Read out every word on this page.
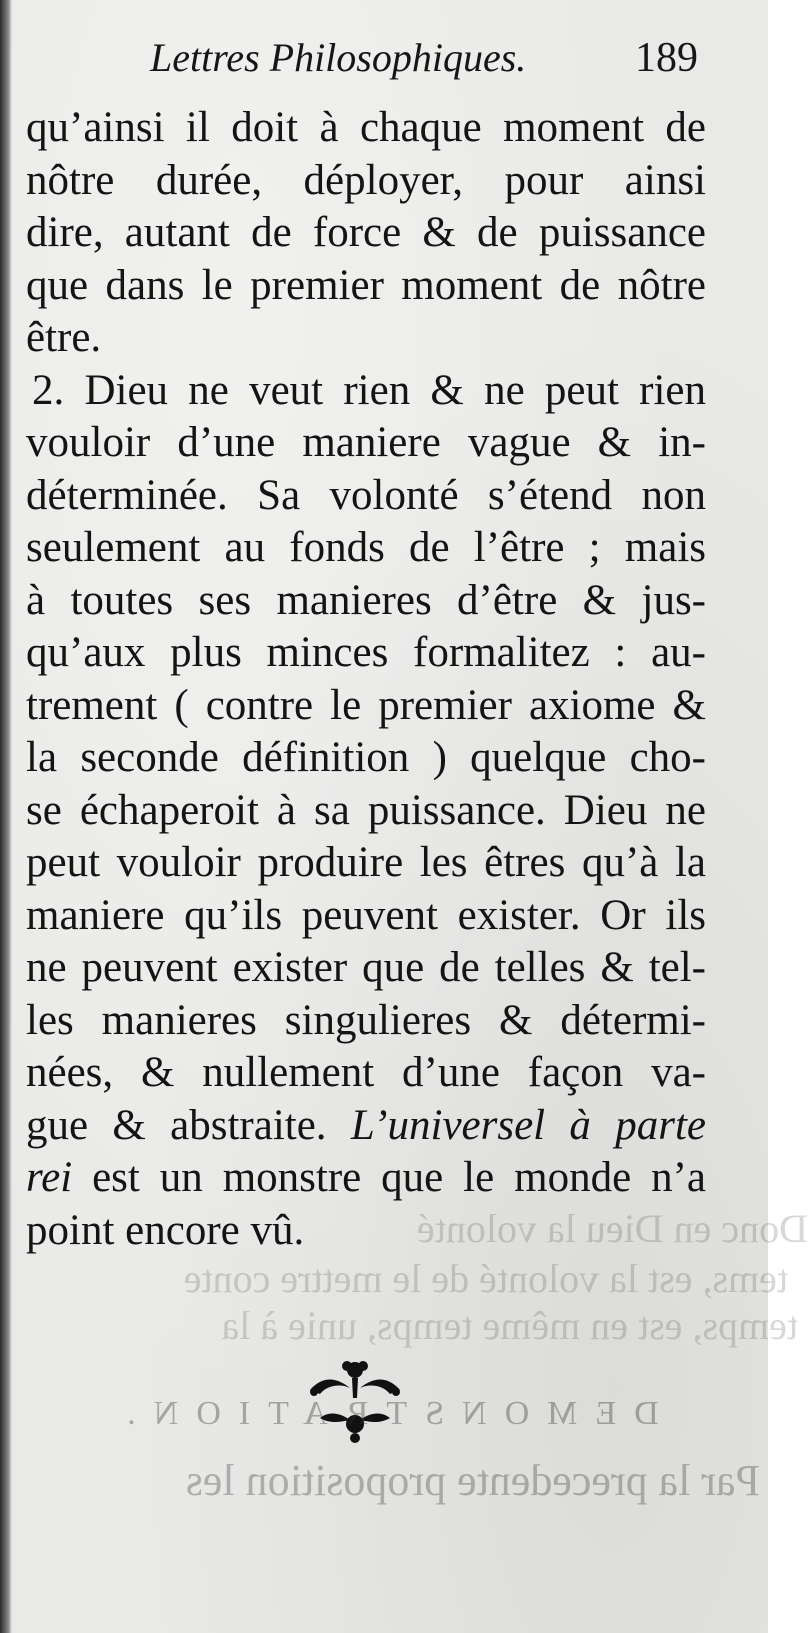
Lettres Philosophiques.	189
qu’ainsi il doit à chaque moment de
nôtre durée, déployer, pour ainsi
dire, autant de force & de puissance
que dans le premier moment de nôtre
être.
2. Dieu ne veut rien & ne peut rien
vouloir d’une maniere vague & in-
déterminée. Sa volonté s’étend non
seulement au fonds de l’être ; mais
à toutes ses manieres d’être & jus-
qu’aux plus minces formalitez : au-
trement ( contre le premier axiome &
la seconde définition ) quelque cho-
se échaperoit à sa puissance. Dieu ne
peut vouloir produire les êtres qu’à la
maniere qu’ils peuvent exister. Or ils
ne peuvent exister que de telles & tel-
les manieres singulieres & détermi-
nées, & nullement d’une façon va-
gue & abstraite. L’universel à parte
rei est un monstre que le monde n’a
point encore vû.	Donc en Dieu la volonté
tems, est la volonté de le mettre conte
temps, est en même temps, unie à la
DEMONSTRATION.
Par la precedente proposition les
